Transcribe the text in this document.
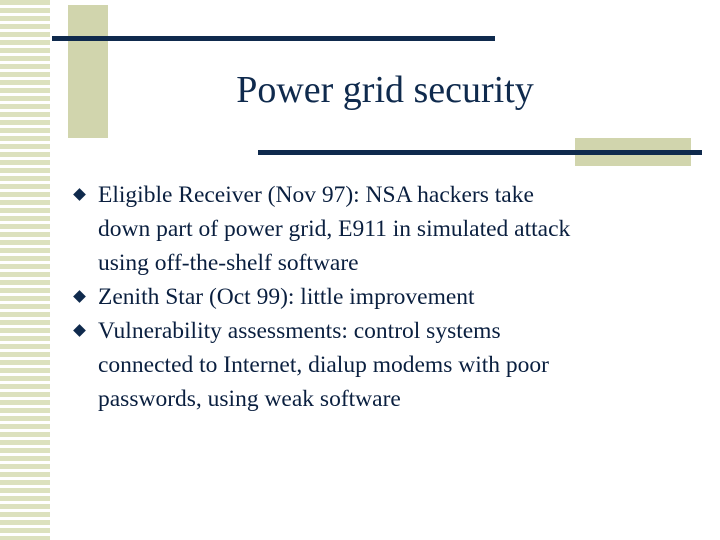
Power grid security
Eligible Receiver (Nov 97): NSA hackers take
down part of power grid, E911 in simulated attack
using off-the-shelf software
Zenith Star (Oct 99): little improvement
Vulnerability assessments: control systems
connected to Internet, dialup modems with poor
passwords, using weak software
